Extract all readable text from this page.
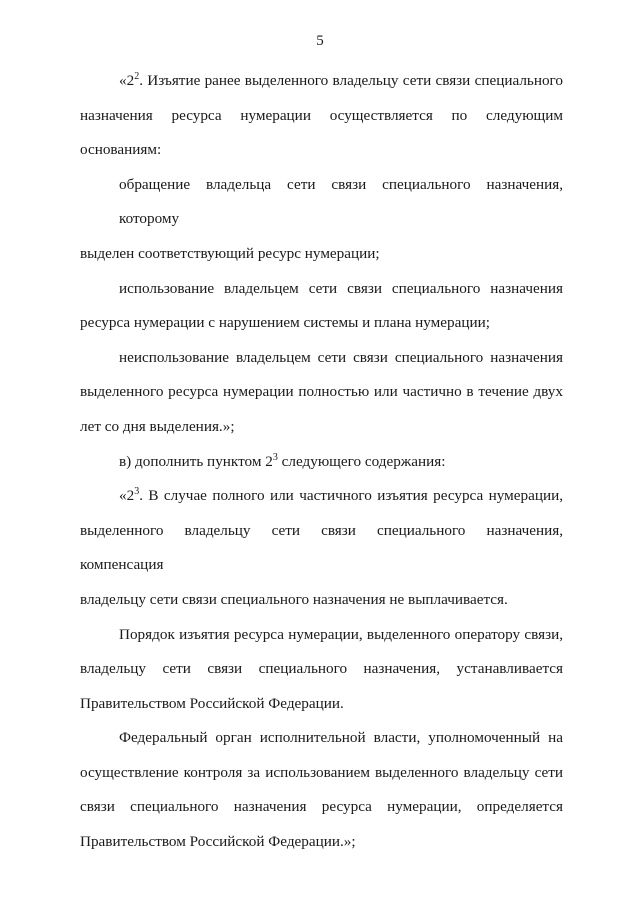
5
«$2^2$. Изъятие ранее выделенного владельцу сети связи специального
назначения ресурса нумерации осуществляется по следующим
основаниям:
обращение владельца сети связи специального назначения, которому
выделен соответствующий ресурс нумерации;
использование владельцем сети связи специального назначения
ресурса нумерации с нарушением системы и плана нумерации;
неиспользование владельцем сети связи специального назначения
выделенного ресурса нумерации полностью или частично в течение двух
лет со дня выделения.»;
в) дополнить пунктом $2^3$ следующего содержания:
«$2^3$. В случае полного или частичного изъятия ресурса нумерации,
выделенного владельцу сети связи специального назначения, компенсация
владельцу сети связи специального назначения не выплачивается.
Порядок изъятия ресурса нумерации, выделенного оператору связи,
владельцу сети связи специального назначения, устанавливается
Правительством Российской Федерации.
Федеральный орган исполнительной власти, уполномоченный на
осуществление контроля за использованием выделенного владельцу сети
связи специального назначения ресурса нумерации, определяется
Правительством Российской Федерации.»;
